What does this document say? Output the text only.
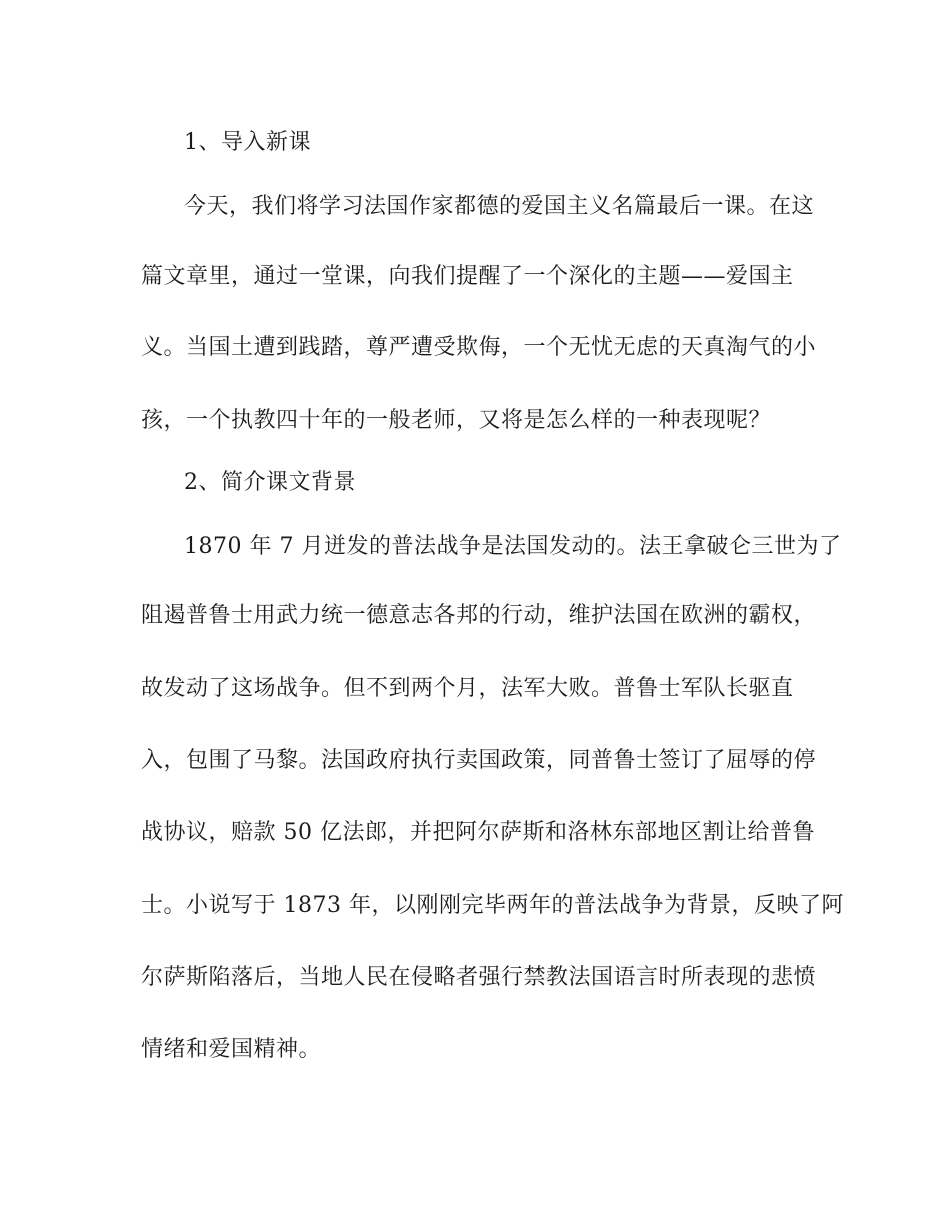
1、导入新课
今天，我们将学习法国作家都德的爱国主义名篇最后一课。在这
篇文章里，通过一堂课，向我们提醒了一个深化的主题——爱国主
义。当国土遭到践踏，尊严遭受欺侮，一个无忧无虑的天真淘气的小
孩，一个执教四十年的一般老师，又将是怎么样的一种表现呢？
2、简介课文背景
1870 年 7 月迸发的普法战争是法国发动的。法王拿破仑三世为了
阻遏普鲁士用武力统一德意志各邦的行动，维护法国在欧洲的霸权，
故发动了这场战争。但不到两个月，法军大败。普鲁士军队长驱直
入，包围了马黎。法国政府执行卖国政策，同普鲁士签订了屈辱的停
战协议，赔款 50 亿法郎，并把阿尔萨斯和洛林东部地区割让给普鲁
士。小说写于 1873 年，以刚刚完毕两年的普法战争为背景，反映了阿
尔萨斯陷落后，当地人民在侵略者强行禁教法国语言时所表现的悲愤
情绪和爱国精神。
